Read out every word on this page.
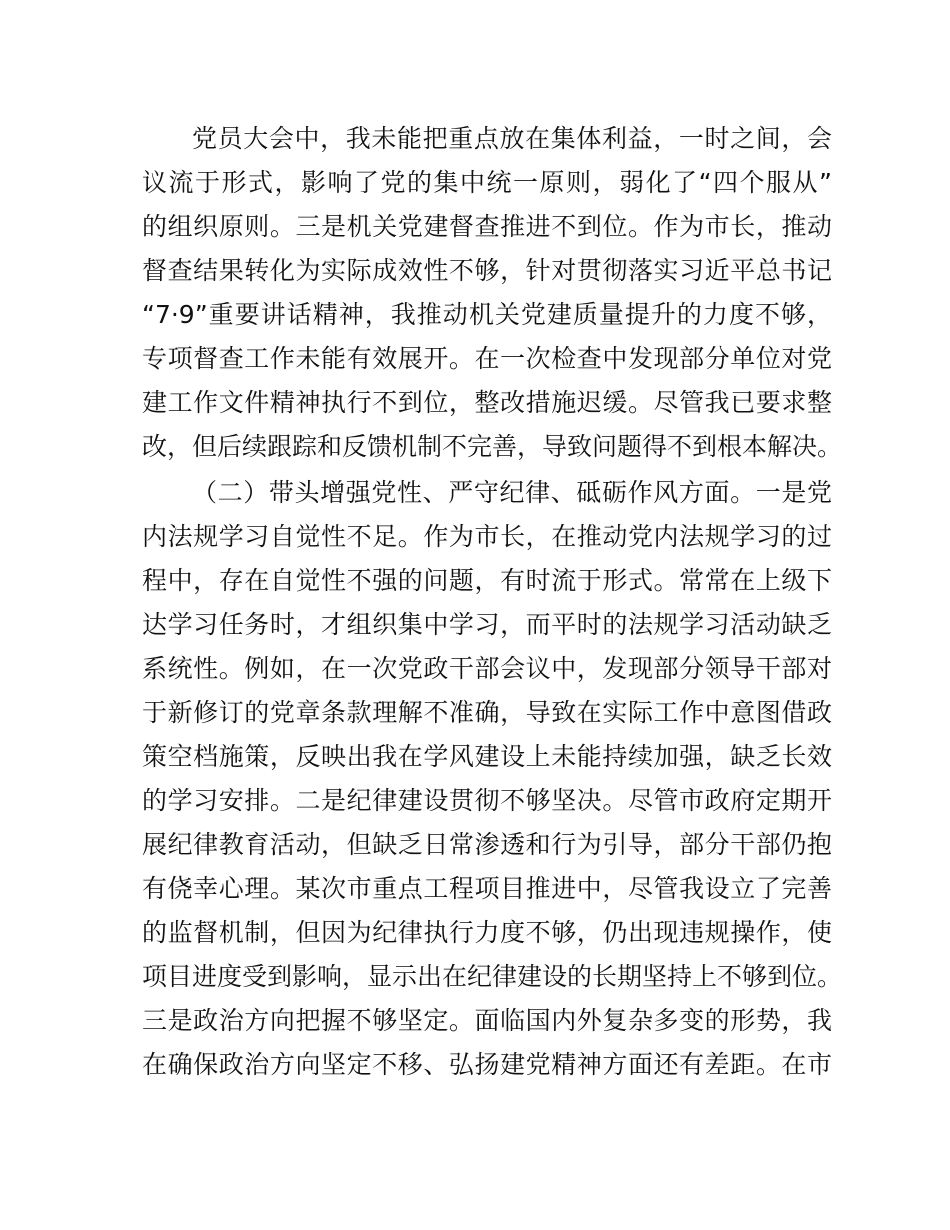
党员大会中，我未能把重点放在集体利益，一时之间，会
议流于形式，影响了党的集中统一原则，弱化了“四个服从”
的组织原则。三是机关党建督查推进不到位。作为市长，推动
督查结果转化为实际成效性不够，针对贯彻落实习近平总书记
“7·9”重要讲话精神，我推动机关党建质量提升的力度不够，
专项督查工作未能有效展开。在一次检查中发现部分单位对党
建工作文件精神执行不到位，整改措施迟缓。尽管我已要求整
改，但后续跟踪和反馈机制不完善，导致问题得不到根本解决。
（二）带头增强党性、严守纪律、砥砺作风方面。一是党
内法规学习自觉性不足。作为市长，在推动党内法规学习的过
程中，存在自觉性不强的问题，有时流于形式。常常在上级下
达学习任务时，才组织集中学习，而平时的法规学习活动缺乏
系统性。例如，在一次党政干部会议中，发现部分领导干部对
于新修订的党章条款理解不准确，导致在实际工作中意图借政
策空档施策，反映出我在学风建设上未能持续加强，缺乏长效
的学习安排。二是纪律建设贯彻不够坚决。尽管市政府定期开
展纪律教育活动，但缺乏日常渗透和行为引导，部分干部仍抱
有侥幸心理。某次市重点工程项目推进中，尽管我设立了完善
的监督机制，但因为纪律执行力度不够，仍出现违规操作，使
项目进度受到影响，显示出在纪律建设的长期坚持上不够到位。
三是政治方向把握不够坚定。面临国内外复杂多变的形势，我
在确保政治方向坚定不移、弘扬建党精神方面还有差距。在市
